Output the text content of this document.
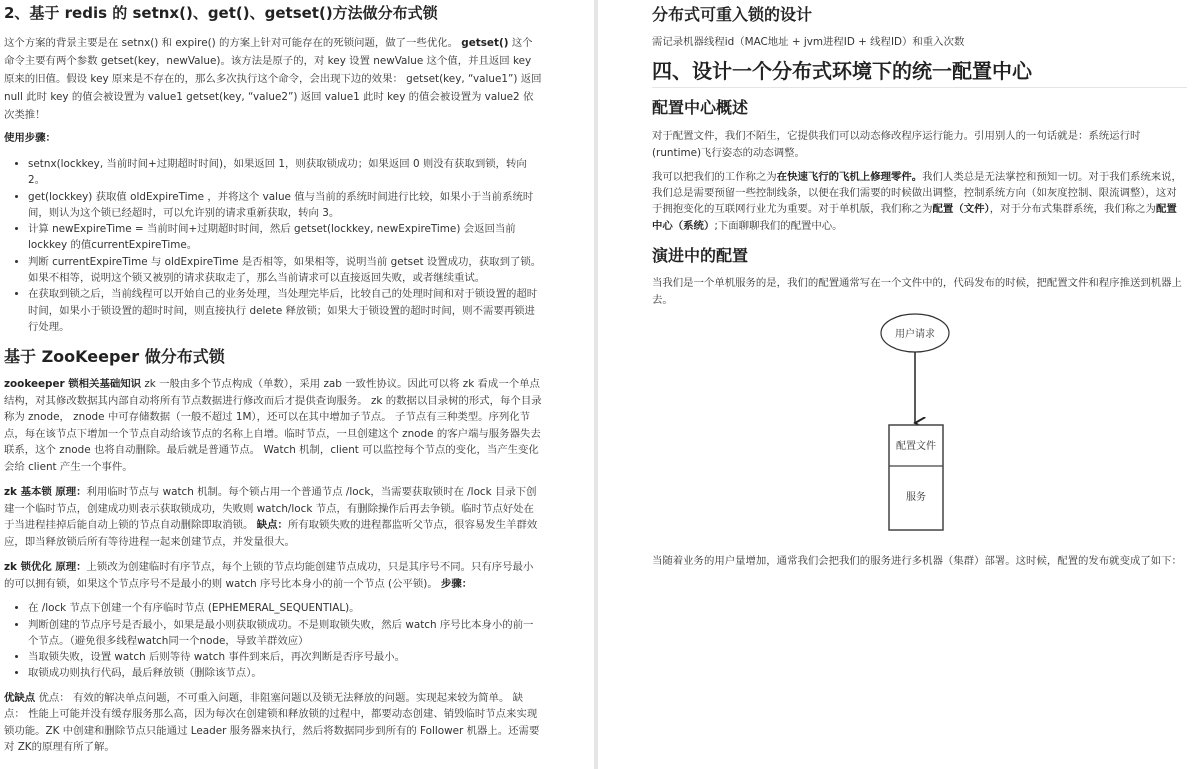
2、基于 redis 的 setnx()、get()、getset()方法做分布式锁

这个方案的背景主要是在 setnx() 和 expire() 的方案上针对可能存在的死锁问题，做了一些优化。 getset() 这个命令主要有两个参数 getset(key，newValue)。该方法是原子的，对 key 设置 newValue 这个值，并且返回 key 原来的旧值。假设 key 原来是不存在的，那么多次执行这个命令，会出现下边的效果： getset(key, “value1”) 返回 null 此时 key 的值会被设置为 value1 getset(key, “value2”) 返回 value1 此时 key 的值会被设置为 value2 依次类推！

使用步骤：

• setnx(lockkey, 当前时间+过期超时时间)，如果返回 1，则获取锁成功；如果返回 0 则没有获取到锁，转向 2。
• get(lockkey) 获取值 oldExpireTime ，并将这个 value 值与当前的系统时间进行比较，如果小于当前系统时间，则认为这个锁已经超时，可以允许别的请求重新获取，转向 3。
• 计算 newExpireTime = 当前时间+过期超时时间，然后 getset(lockkey, newExpireTime) 会返回当前 lockkey 的值currentExpireTime。
• 判断 currentExpireTime 与 oldExpireTime 是否相等，如果相等，说明当前 getset 设置成功，获取到了锁。如果不相等，说明这个锁又被别的请求获取走了，那么当前请求可以直接返回失败，或者继续重试。
• 在获取到锁之后，当前线程可以开始自己的业务处理，当处理完毕后，比较自己的处理时间和对于锁设置的超时时间，如果小于锁设置的超时时间，则直接执行 delete 释放锁；如果大于锁设置的超时时间，则不需要再锁进行处理。
基于 ZooKeeper 做分布式锁

zookeeper 锁相关基础知识 zk 一般由多个节点构成（单数），采用 zab 一致性协议。因此可以将 zk 看成一个单点结构，对其修改数据其内部自动将所有节点数据进行修改而后才提供查询服务。 zk 的数据以目录树的形式，每个目录称为 znode， znode 中可存储数据（一般不超过 1M），还可以在其中增加子节点。 子节点有三种类型。序列化节点，每在该节点下增加一个节点自动给该节点的名称上自增。临时节点，一旦创建这个 znode 的客户端与服务器失去联系，这个 znode 也将自动删除。最后就是普通节点。 Watch 机制，client 可以监控每个节点的变化，当产生变化会给 client 产生一个事件。

zk 基本锁 原理：利用临时节点与 watch 机制。每个锁占用一个普通节点 /lock，当需要获取锁时在 /lock 目录下创建一个临时节点，创建成功则表示获取锁成功，失败则 watch/lock 节点，有删除操作后再去争锁。临时节点好处在于当进程挂掉后能自动上锁的节点自动删除即取消锁。 缺点：所有取锁失败的进程都监听父节点，很容易发生羊群效应，即当释放锁后所有等待进程一起来创建节点，并发量很大。

zk 锁优化 原理：上锁改为创建临时有序节点，每个上锁的节点均能创建节点成功，只是其序号不同。只有序号最小的可以拥有锁，如果这个节点序号不是最小的则 watch 序号比本身小的前一个节点 (公平锁)。 步骤：

• 在 /lock 节点下创建一个有序临时节点 (EPHEMERAL_SEQUENTIAL)。
• 判断创建的节点序号是否最小，如果是最小则获取锁成功。不是则取锁失败，然后 watch 序号比本身小的前一个节点。（避免很多线程watch同一个node，导致羊群效应）
• 当取锁失败，设置 watch 后则等待 watch 事件到来后，再次判断是否序号最小。
• 取锁成功则执行代码，最后释放锁（删除该节点）。

优缺点 优点： 有效的解决单点问题，不可重入问题，非阻塞问题以及锁无法释放的问题。实现起来较为简单。 缺点： 性能上可能并没有缓存服务那么高，因为每次在创建锁和释放锁的过程中，都要动态创建、销毁临时节点来实现锁功能。ZK 中创建和删除节点只能通过 Leader 服务器来执行，然后将数据同步到所有的 Follower 机器上。还需要对 ZK的原理有所了解。

分布式可重入锁的设计

需记录机器线程id（MAC地址 + jvm进程ID + 线程ID）和重入次数

四、设计一个分布式环境下的统一配置中心
配置中心概述

对于配置文件，我们不陌生，它提供我们可以动态修改程序运行能力。引用别人的一句话就是：系统运行时(runtime)飞行姿态的动态调整。

我可以把我们的工作称之为在快速飞行的飞机上修理零件。我们人类总是无法掌控和预知一切。对于我们系统来说，我们总是需要预留一些控制线条，以便在我们需要的时候做出调整，控制系统方向（如灰度控制、限流调整），这对于拥抱变化的互联网行业尤为重要。对于单机版，我们称之为配置（文件），对于分布式集群系统，我们称之为配置中心（系统）;下面聊聊我们的配置中心。

演进中的配置

当我们是一个单机服务的是，我们的配置通常写在一个文件中的，代码发布的时候，把配置文件和程序推送到机器上去。

用户请求
配置文件
服务

当随着业务的用户量增加，通常我们会把我们的服务进行多机器（集群）部署。这时候，配置的发布就变成了如下：
